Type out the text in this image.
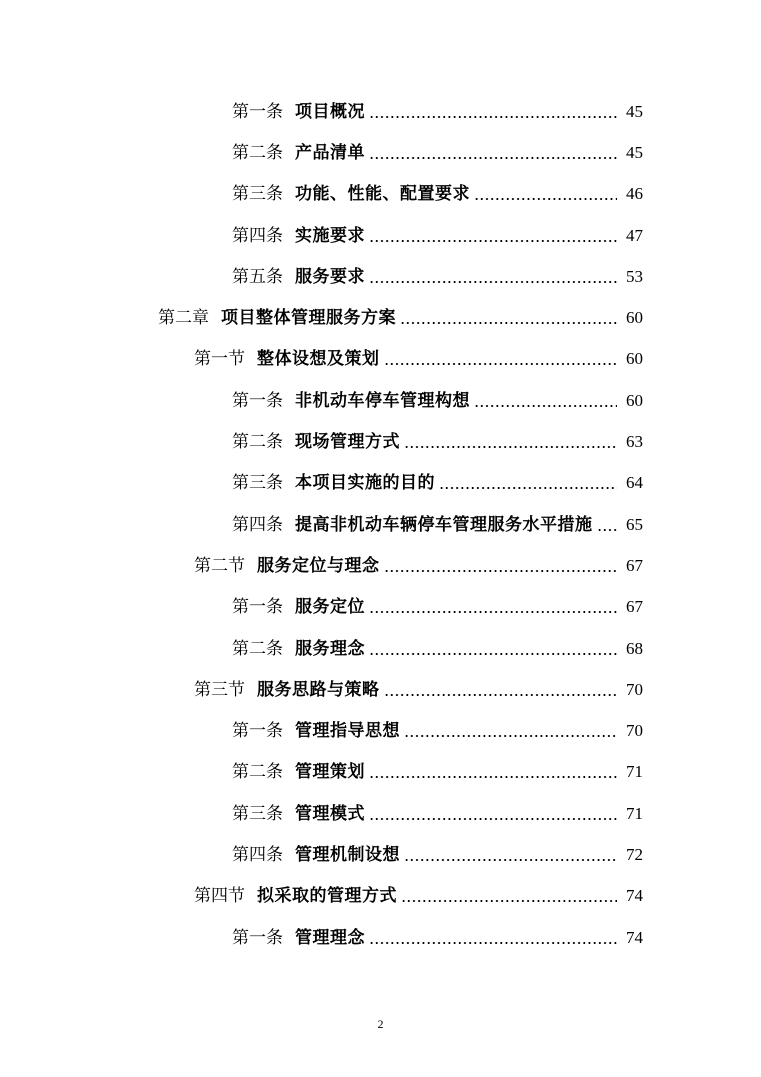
第一条 项目概况	45
第二条 产品清单	45
第三条 功能、性能、配置要求	46
第四条 实施要求	47
第五条 服务要求	53
第二章 项目整体管理服务方案	60
第一节 整体设想及策划	60
第一条 非机动车停车管理构想	60
第二条 现场管理方式	63
第三条 本项目实施的目的	64
第四条 提高非机动车辆停车管理服务水平措施 65
第二节 服务定位与理念	67
第一条 服务定位	67
第二条 服务理念	68
第三节 服务思路与策略	70
第一条 管理指导思想	70
第二条 管理策划	71
第三条 管理模式	71
第四条 管理机制设想	72
第四节 拟采取的管理方式	74
第一条 管理理念	74
2
